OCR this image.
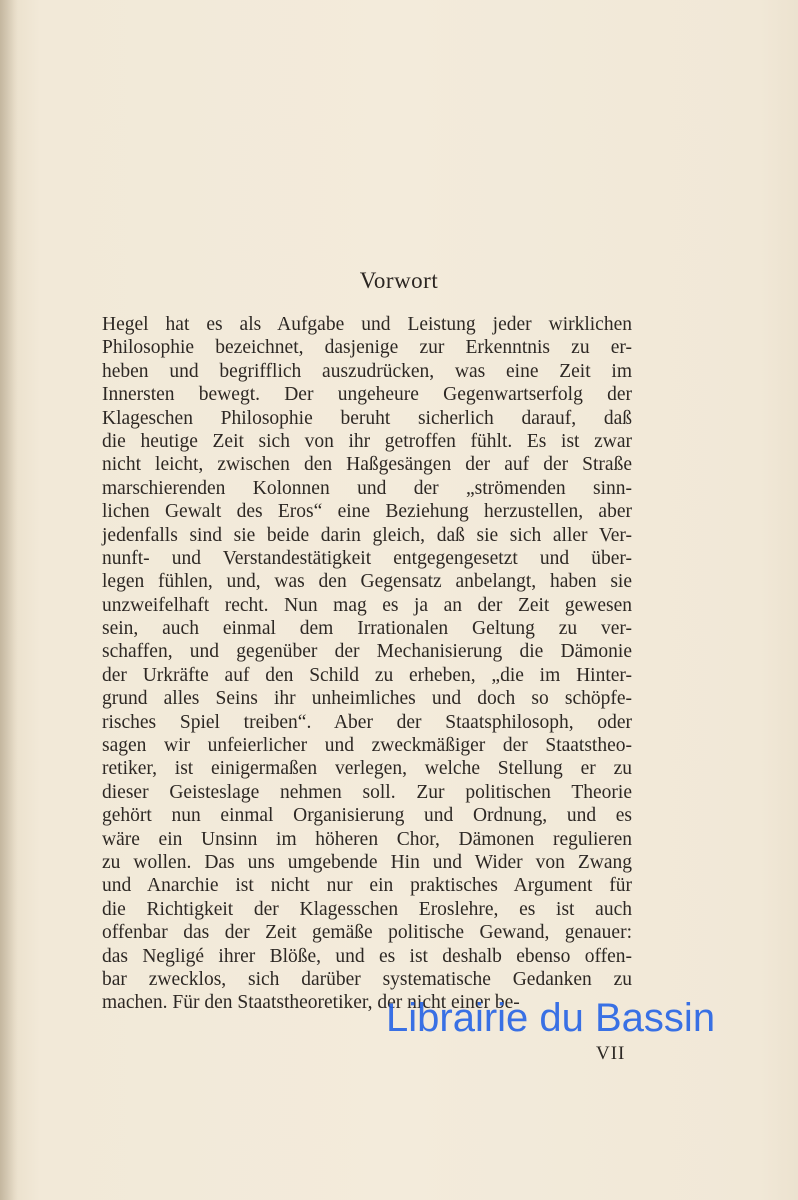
Vorwort
Hegel hat es als Aufgabe und Leistung jeder wirklichen
Philosophie bezeichnet, dasjenige zur Erkenntnis zu er-
heben und begrifflich auszudrücken, was eine Zeit im
Innersten bewegt. Der ungeheure Gegenwartserfolg der
Klageschen Philosophie beruht sicherlich darauf, daß
die heutige Zeit sich von ihr getroffen fühlt. Es ist zwar
nicht leicht, zwischen den Haßgesängen der auf der Straße
marschierenden Kolonnen und der „strömenden sinn-
lichen Gewalt des Eros“ eine Beziehung herzustellen, aber
jedenfalls sind sie beide darin gleich, daß sie sich aller Ver-
nunft- und Verstandestätigkeit entgegengesetzt und über-
legen fühlen, und, was den Gegensatz anbelangt, haben sie
unzweifelhaft recht. Nun mag es ja an der Zeit gewesen
sein, auch einmal dem Irrationalen Geltung zu ver-
schaffen, und gegenüber der Mechanisierung die Dämonie
der Urkräfte auf den Schild zu erheben, „die im Hinter-
grund alles Seins ihr unheimliches und doch so schöpfe-
risches Spiel treiben“. Aber der Staatsphilosoph, oder
sagen wir unfeierlicher und zweckmäßiger der Staatstheo-
retiker, ist einigermaßen verlegen, welche Stellung er zu
dieser Geisteslage nehmen soll. Zur politischen Theorie
gehört nun einmal Organisierung und Ordnung, und es
wäre ein Unsinn im höheren Chor, Dämonen regulieren
zu wollen. Das uns umgebende Hin und Wider von Zwang
und Anarchie ist nicht nur ein praktisches Argument für
die Richtigkeit der Klagesschen Eroslehre, es ist auch
offenbar das der Zeit gemäße politische Gewand, genauer:
das Negligé ihrer Blöße, und es ist deshalb ebenso offen-
bar zwecklos, sich darüber systematische Gedanken zu
machen. Für den Staatstheoretiker, der nicht einer be-
VII
Librairie du Bassin
